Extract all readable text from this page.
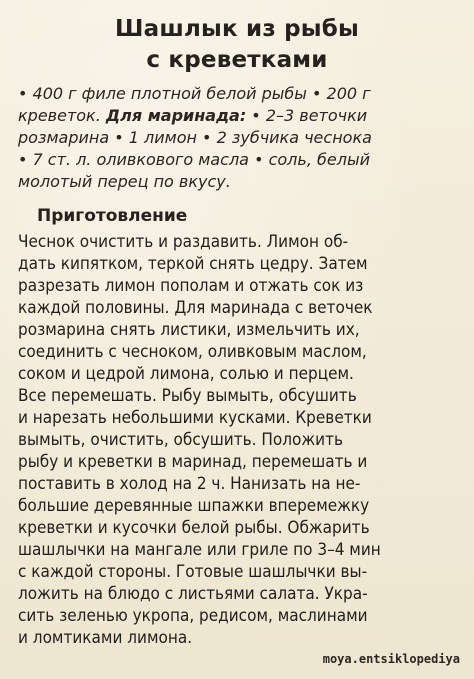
Шашлык из рыбы
с креветками
• 400 г филе плотной белой рыбы • 200 г
креветок. Для маринада: • 2–3 веточки
розмарина • 1 лимон • 2 зубчика чеснока
• 7 ст. л. оливкового масла • соль, белый
молотый перец по вкусу.
Приготовление
Чеснок очистить и раздавить. Лимон об-
дать кипятком, теркой снять цедру. Затем
разрезать лимон пополам и отжать сок из
каждой половины. Для маринада с веточек
розмарина снять листики, измельчить их,
соединить с чесноком, оливковым маслом,
соком и цедрой лимона, солью и перцем.
Все перемешать. Рыбу вымыть, обсушить
и нарезать небольшими кусками. Креветки
вымыть, очистить, обсушить. Положить
рыбу и креветки в маринад, перемешать и
поставить в холод на 2 ч. Нанизать на не-
большие деревянные шпажки вперемежку
креветки и кусочки белой рыбы. Обжарить
шашлычки на мангале или гриле по 3–4 мин
с каждой стороны. Готовые шашлычки вы-
ложить на блюдо с листьями салата. Укра-
сить зеленью укропа, редисом, маслинами
и ломтиками лимона.
moya.entsiklopediya
